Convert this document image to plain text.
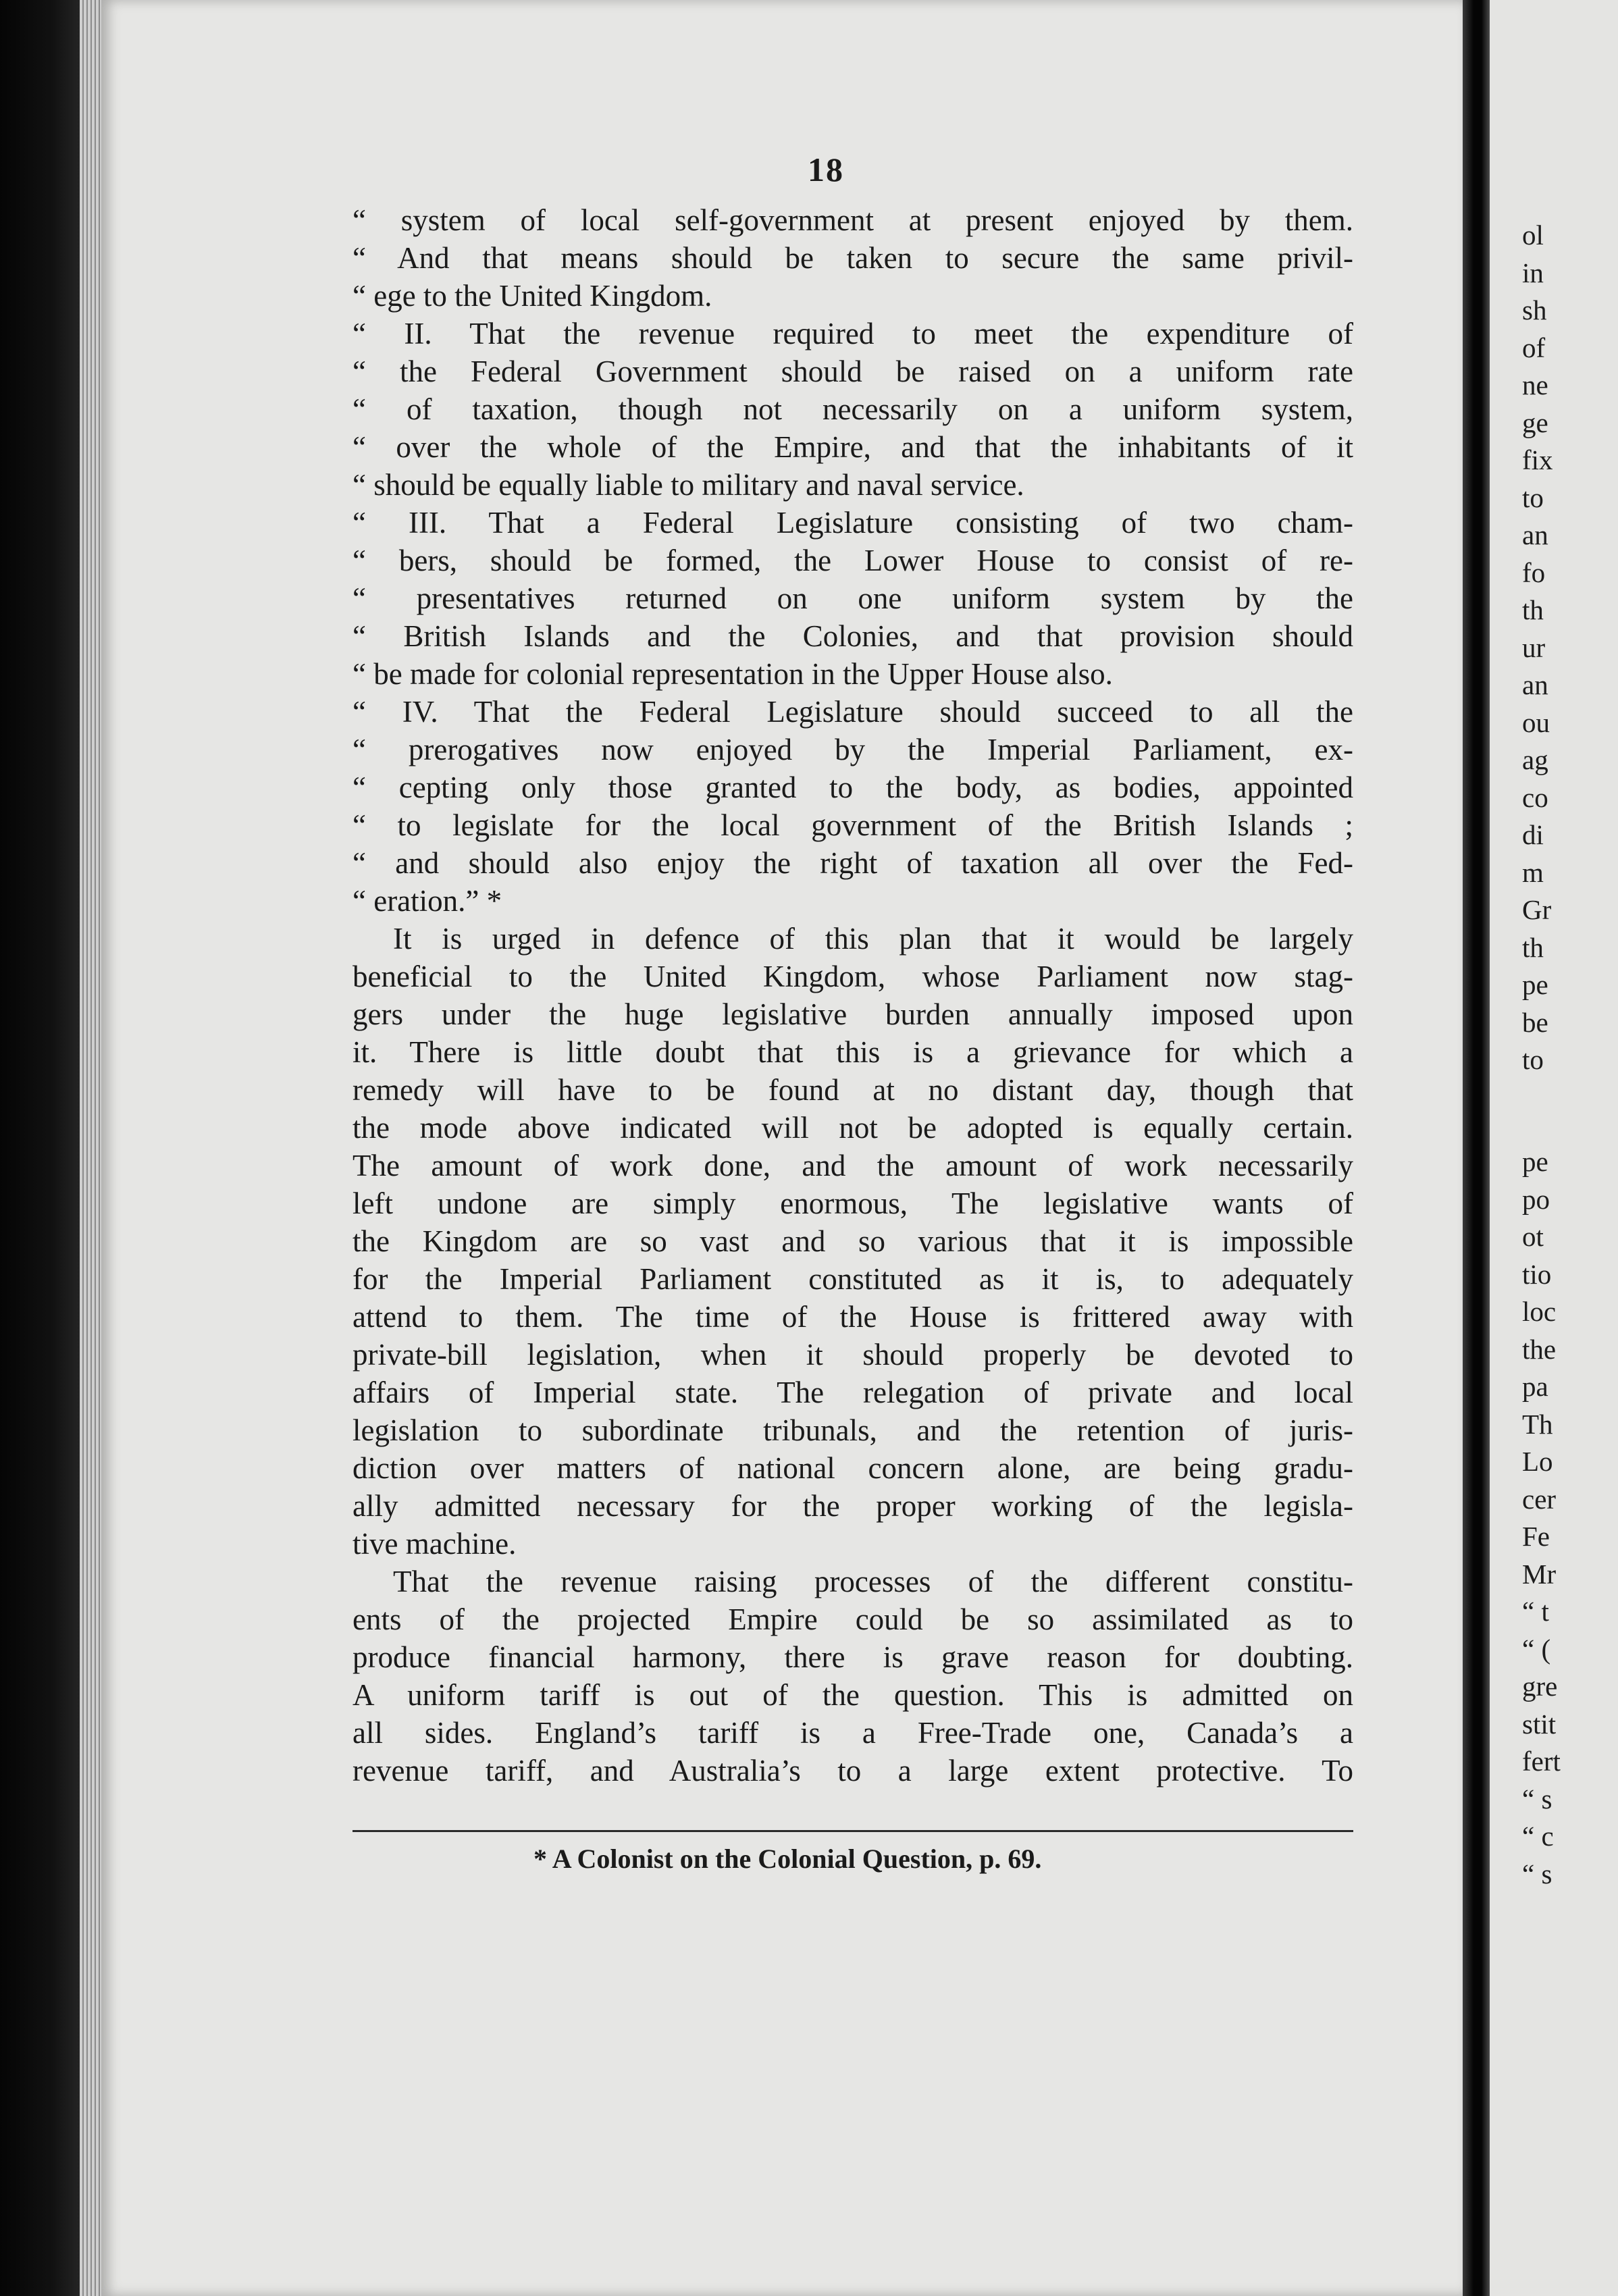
18
“ system of local self-government at present enjoyed by them.
“ And that means should be taken to secure the same privil-
“ ege to the United Kingdom.
“ II. That the revenue required to meet the expenditure of
“ the Federal Government should be raised on a uniform rate
“ of taxation, though not necessarily on a uniform system,
“ over the whole of the Empire, and that the inhabitants of it
“ should be equally liable to military and naval service.
“ III. That a Federal Legislature consisting of two cham-
“ bers, should be formed, the Lower House to consist of re-
“ presentatives returned on one uniform system by the
“ British Islands and the Colonies, and that provision should
“ be made for colonial representation in the Upper House also.
“ IV. That the Federal Legislature should succeed to all the
“ prerogatives now enjoyed by the Imperial Parliament, ex-
“ cepting only those granted to the body, as bodies, appointed
“ to legislate for the local government of the British Islands ;
“ and should also enjoy the right of taxation all over the Fed-
“ eration.” *
It is urged in defence of this plan that it would be largely
beneficial to the United Kingdom, whose Parliament now stag-
gers under the huge legislative burden annually imposed upon
it. There is little doubt that this is a grievance for which a
remedy will have to be found at no distant day, though that
the mode above indicated will not be adopted is equally certain.
The amount of work done, and the amount of work necessarily
left undone are simply enormous, The legislative wants of
the Kingdom are so vast and so various that it is impossible
for the Imperial Parliament constituted as it is, to adequately
attend to them. The time of the House is frittered away with
private-bill legislation, when it should properly be devoted to
affairs of Imperial state. The relegation of private and local
legislation to subordinate tribunals, and the retention of juris-
diction over matters of national concern alone, are being gradu-
ally admitted necessary for the proper working of the legisla-
tive machine.
That the revenue raising processes of the different constitu-
ents of the projected Empire could be so assimilated as to
produce financial harmony, there is grave reason for doubting.
A uniform tariff is out of the question. This is admitted on
all sides. England’s tariff is a Free-Trade one, Canada’s a
revenue tariff, and Australia’s to a large extent protective. To
* A Colonist on the Colonial Question, p. 69.
ol
in
sh
of
ne
ge
fix
to
an
fo
th
ur
an
ou
ag
co
di
m
Gr
th
pe
be
to
pe
po
ot
tio
loc
the
pa
Th
Lo
cer
Fe
Mr
“ t
“ (
gre
stit
fert
“ s
“ c
“ s
